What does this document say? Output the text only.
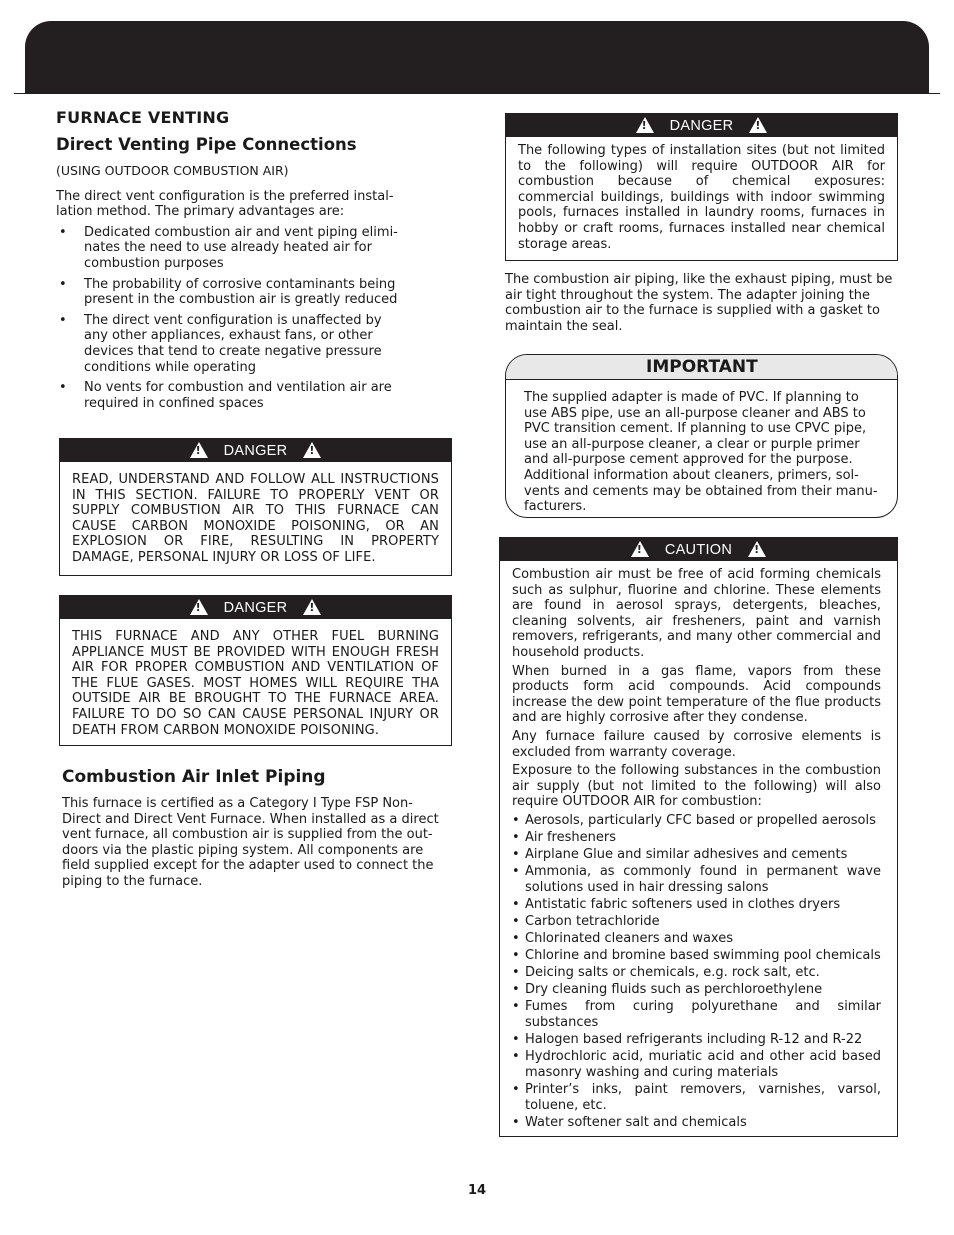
FURNACE VENTING
Direct Venting Pipe Connections

(USING OUTDOOR COMBUSTION AIR)

The direct vent configuration is the preferred instal- lation method. The primary advantages are:

• Dedicated combustion air and vent piping elimi- nates the need to use already heated air for combustion purposes
• The probability of corrosive contaminants being present in the combustion air is greatly reduced
• The direct vent configuration is unaffected by any other appliances, exhaust fans, or other devices that tend to create negative pressure conditions while operating
• No vents for combustion and ventilation air are required in confined spaces
!
DANGER
!
READ, UNDERSTAND AND FOLLOW ALL INSTRUCTIONS IN THIS SECTION. FAILURE TO PROPERLY VENT OR SUPPLY COMBUSTION AIR TO THIS FURNACE CAN CAUSE CARBON MONOXIDE POISONING, OR AN EXPLOSION OR FIRE, RESULTING IN PROPERTY DAMAGE, PERSONAL INJURY OR LOSS OF LIFE.
!
DANGER
!
THIS FURNACE AND ANY OTHER FUEL BURNING APPLIANCE MUST BE PROVIDED WITH ENOUGH FRESH AIR FOR PROPER COMBUSTION AND VENTILATION OF THE FLUE GASES. MOST HOMES WILL REQUIRE THA OUTSIDE AIR BE BROUGHT TO THE FURNACE AREA. FAILURE TO DO SO CAN CAUSE PERSONAL INJURY OR DEATH FROM CARBON MONOXIDE POISONING.
Combustion Air Inlet Piping

This furnace is certified as a Category I Type FSP Non- Direct and Direct Vent Furnace. When installed as a direct vent furnace, all combustion air is supplied from the out- doors via the plastic piping system. All components are field supplied except for the adapter used to connect the piping to the furnace.

!
DANGER
!
The following types of installation sites (but not limited to the following) will require OUTDOOR AIR for combustion because of chemical exposures: commercial buildings, buildings with indoor swimming pools, furnaces installed in laundry rooms, furnaces in hobby or craft rooms, furnaces installed near chemical storage areas.

The combustion air piping, like the exhaust piping, must be air tight throughout the system. The adapter joining the combustion air to the furnace is supplied with a gasket to maintain the seal.

IMPORTANT
The supplied adapter is made of PVC. If planning to use ABS pipe, use an all-purpose cleaner and ABS to PVC transition cement. If planning to use CPVC pipe, use an all-purpose cleaner, a clear or purple primer and all-purpose cement approved for the purpose. Additional information about cleaners, primers, sol- vents and cements may be obtained from their manu- facturers.
!
CAUTION
!

Combustion air must be free of acid forming chemicals such as sulphur, fluorine and chlorine. These elements are found in aerosol sprays, detergents, bleaches, cleaning solvents, air fresheners, paint and varnish removers, refrigerants, and many other commercial and household products.

When burned in a gas flame, vapors from these products form acid compounds. Acid compounds increase the dew point temperature of the flue products and are highly corrosive after they condense.

Any furnace failure caused by corrosive elements is excluded from warranty coverage.

Exposure to the following substances in the combustion air supply (but not limited to the following) will also require OUTDOOR AIR for combustion:

• Aerosols, particularly CFC based or propelled aerosols
• Air fresheners
• Airplane Glue and similar adhesives and cements
• Ammonia, as commonly found in permanent wave solutions used in hair dressing salons
• Antistatic fabric softeners used in clothes dryers
• Carbon tetrachloride
• Chlorinated cleaners and waxes
• Chlorine and bromine based swimming pool chemicals
• Deicing salts or chemicals, e.g. rock salt, etc.
• Dry cleaning fluids such as perchloroethylene
• Fumes from curing polyurethane and similar substances
• Halogen based refrigerants including R-12 and R-22
• Hydrochloric acid, muriatic acid and other acid based masonry washing and curing materials
• Printer’s inks, paint removers, varnishes, varsol, toluene, etc.
• Water softener salt and chemicals
14
